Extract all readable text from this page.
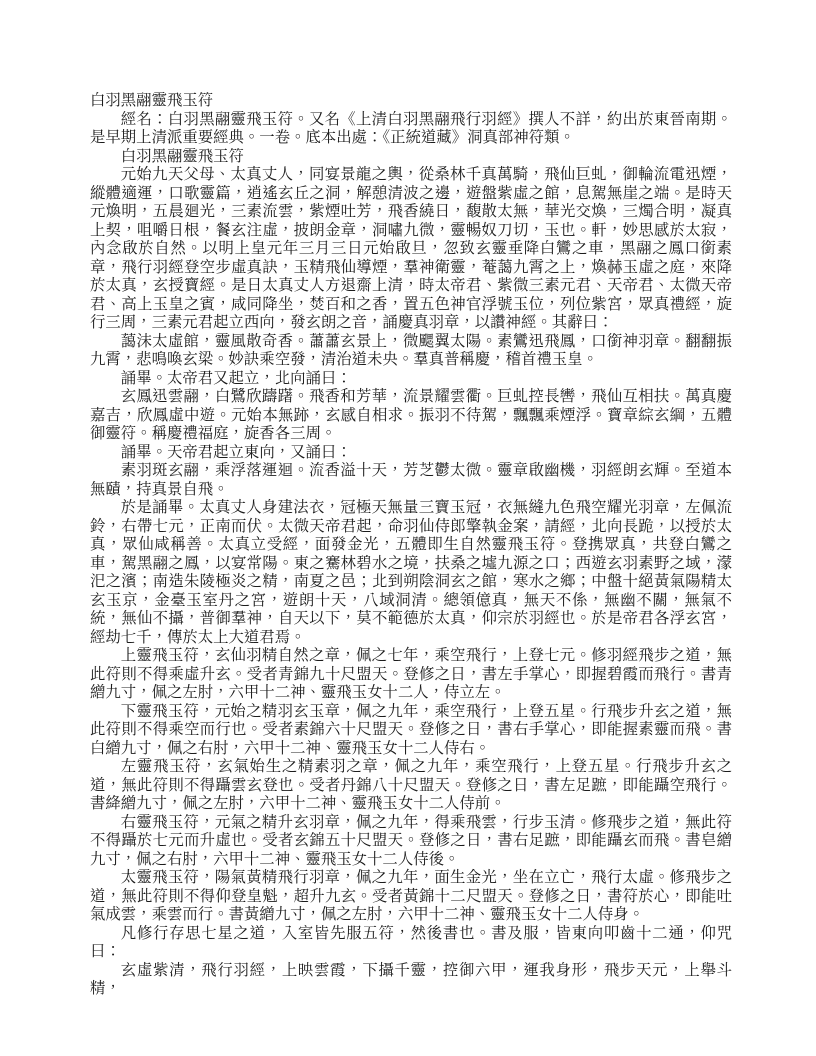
白羽黑翮靈飛玉符

經名：白羽黑翮靈飛玉符。又名《上清白羽黑翮飛行羽經》撰人不詳，約出於東晉南期。是早期上清派重要經典。一卷。底本出處：《正統道藏》洞真部神符類。

白羽黑翮靈飛玉符

元始九天父母、太真丈人，同宴景龍之輿，從桑林千真萬騎，飛仙巨虬，御輪流電迅煙，縱體適運，口歌靈篇，逍遙玄丘之洞，解憩清波之邊，遊盤紫虛之館，息駕無崖之端。是時天元煥明，五晨廻光，三素流雲，紫煙吐芳，飛香繞日，馥散太無，華光交煥，三燭合明，凝真上契，咀嚼日根，餐玄注虛，披朗金章，洞嘯九微，靈暢奴刀切，玉也。軒，妙思感於太寂，內念啟於自然。以明上皇元年三月三日元始啟旦，忽致玄靈垂降白鸞之車，黑翮之鳳口銜素章，飛行羽經登空步虛真訣，玉精飛仙導煙，羣神衛靈，菴藹九霄之上，煥赫玉虛之庭，來降於太真，玄授寶經。是日太真丈人方退齋上清，時太帝君、紫微三素元君、天帝君、太微天帝君、高上玉皇之賓，咸同降坐，焚百和之香，置五色神官浮號玉位，列位紫宮，眾真禮經，旋行三周，三素元君起立西向，發玄朗之音，誦慶真羽章，以讚神經。其辭曰：

藹沫太虛館，靈風散奇香。蕭蕭玄景上，微颸翼太陽。素鸞迅飛鳳，口銜神羽章。翻翻振九霄，悲鳴喚玄梁。妙訣乘空發，清治道未央。羣真普稱慶，稽首禮玉皇。

誦畢。太帝君又起立，北向誦曰：

玄鳳迅雲翮，白鷺欣躊躇。飛香和芳華，流景耀雲衢。巨虬控長轡，飛仙互相扶。萬真慶嘉吉，欣鳳虛中遊。元始本無跡，玄感自相求。振羽不待駕，飄飄乘煙浮。寶章綜玄綱，五體御靈符。稱慶禮福庭，旋香各三周。

誦畢。天帝君起立東向，又誦曰：

素羽斑玄翮，乘浮落運迴。流香溢十天，芳芝鬱太微。靈章啟幽機，羽經朗玄輝。至道本無賾，持真景自飛。

於是誦畢。太真丈人身建法衣，冠極天無量三寶玉冠，衣無縫九色飛空耀光羽章，左佩流鈴，右帶七元，正南而伏。太微天帝君起，命羽仙侍郎擎執金案，請經，北向長跪，以授於太真，眾仙咸稱善。太真立受經，面發金光，五體即生自然靈飛玉符。登携眾真，共登白鸞之車，駕黑翮之鳳，以宴常陽。東之騫林碧水之境，扶桑之墟九源之口；西遊玄羽素野之域，濛汜之濱；南造朱陵極炎之精，南夏之邑；北到朔陰洞玄之館，寒水之鄉；中盤十絕黃氣陽精太玄玉京，金臺玉室丹之宮，遊朗十天，八域洞清。總領億真，無天不係，無幽不關，無氣不統，無仙不攝，普御羣神，自天以下，莫不範德於太真，仰宗於羽經也。於是帝君各浮玄宮，經劫七千，傳於太上大道君焉。

上靈飛玉符，玄仙羽精自然之章，佩之七年，乘空飛行，上登七元。修羽經飛步之道，無此符則不得乘虛升玄。受者青錦九十尺盟天。登修之日，書左手掌心，即握碧霞而飛行。書青繒九寸，佩之左肘，六甲十二神、靈飛玉女十二人，侍立左。

下靈飛玉符，元始之精羽玄玉章，佩之九年，乘空飛行，上登五星。行飛步升玄之道，無此符則不得乘空而行也。受者素錦六十尺盟天。登修之日，書右手掌心，即能握素靈而飛。書白繒九寸，佩之右肘，六甲十二神、靈飛玉女十二人侍右。

左靈飛玉符，玄氣始生之精素羽之章，佩之九年，乘空飛行，上登五星。行飛步升玄之道，無此符則不得躡雲玄登也。受者丹錦八十尺盟天。登修之日，書左足蹠，即能躡空飛行。書絳繒九寸，佩之左肘，六甲十二神、靈飛玉女十二人侍前。

右靈飛玉符，元氣之精升玄羽章，佩之九年，得乘飛雲，行步玉清。修飛步之道，無此符不得躡於七元而升虛也。受者玄錦五十尺盟天。登修之日，書右足蹠，即能躡玄而飛。書皂繒九寸，佩之右肘，六甲十二神、靈飛玉女十二人侍後。

太靈飛玉符，陽氣黃精飛行羽章，佩之九年，面生金光，坐在立亡，飛行太虛。修飛步之道，無此符則不得仰登皇魁，超升九玄。受者黃錦十二尺盟天。登修之日，書符於心，即能吐氣成雲，乘雲而行。書黃繒九寸，佩之左肘，六甲十二神、靈飛玉女十二人侍身。

凡修行存思七星之道，入室皆先服五符，然後書也。書及服，皆東向叩齒十二通，仰咒曰：

玄虛紫清，飛行羽經，上映雲霞，下攝千靈，控御六甲，運我身形，飛步天元，上舉斗精，
